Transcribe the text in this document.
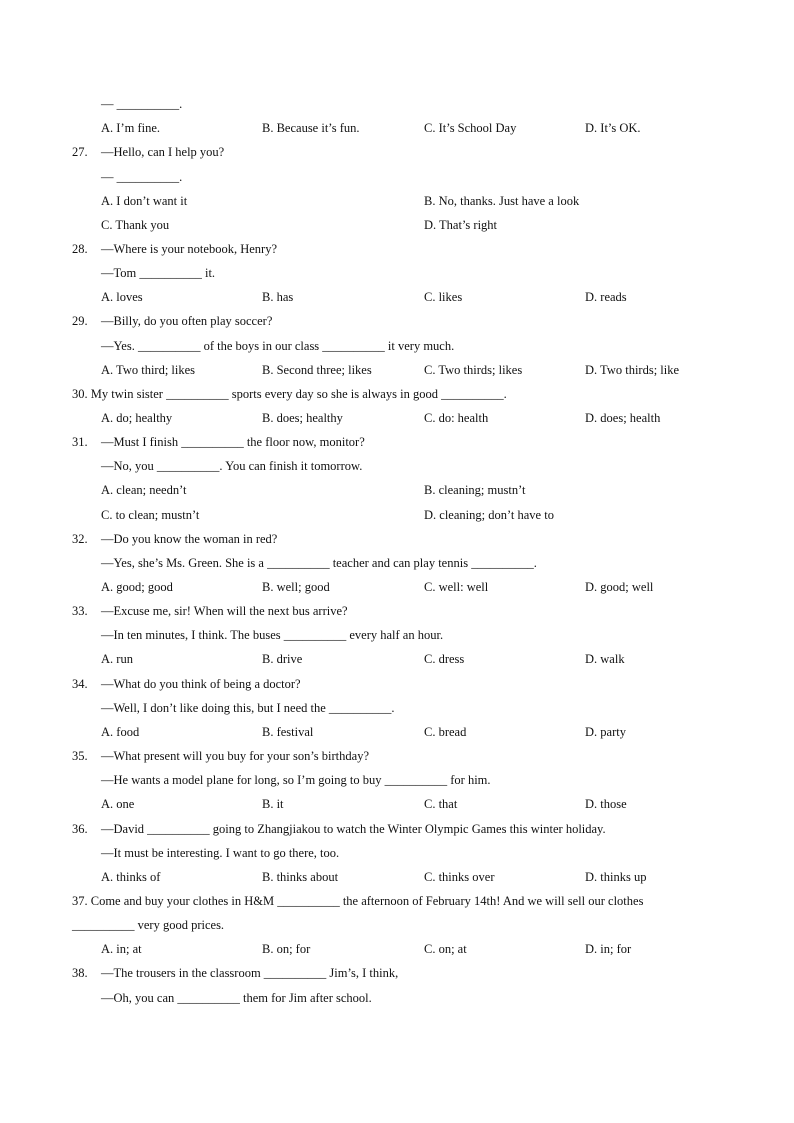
— __________.
A. I’m fine.	B. Because it’s fun.	C. It’s School Day	D. It’s OK.
27. —Hello, can I help you?
— __________.
A. I don’t want it	B. No, thanks. Just have a look
C. Thank you	D. That’s right
28. —Where is your notebook, Henry?
—Tom __________ it.
A. loves	B. has	C. likes	D. reads
29. —Billy, do you often play soccer?
—Yes. __________ of the boys in our class __________ it very much.
A. Two third; likes	B. Second three; likes	C. Two thirds; likes	D. Two thirds; like
30. My twin sister __________ sports every day so she is always in good __________.
A. do; healthy	B. does; healthy	C. do: health	D. does; health
31. —Must I finish __________ the floor now, monitor?
—No, you __________. You can finish it tomorrow.
A. clean; needn’t	B. cleaning; mustn’t
C. to clean; mustn’t	D. cleaning; don’t have to
32. —Do you know the woman in red?
—Yes, she’s Ms. Green. She is a __________ teacher and can play tennis __________.
A. good; good	B. well; good	C. well: well	D. good; well
33. —Excuse me, sir! When will the next bus arrive?
—In ten minutes, I think. The buses __________ every half an hour.
A. run	B. drive	C. dress	D. walk
34. —What do you think of being a doctor?
—Well, I don’t like doing this, but I need the __________.
A. food	B. festival	C. bread	D. party
35. —What present will you buy for your son’s birthday?
—He wants a model plane for long, so I’m going to buy __________ for him.
A. one	B. it	C. that	D. those
36. —David __________ going to Zhangjiakou to watch the Winter Olympic Games this winter holiday.
—It must be interesting. I want to go there, too.
A. thinks of	B. thinks about	C. thinks over	D. thinks up
37. Come and buy your clothes in H&M __________ the afternoon of February 14th! And we will sell our clothes
__________ very good prices.
A. in; at	B. on; for	C. on; at	D. in; for
38. —The trousers in the classroom __________ Jim’s, I think,
—Oh, you can __________ them for Jim after school.
